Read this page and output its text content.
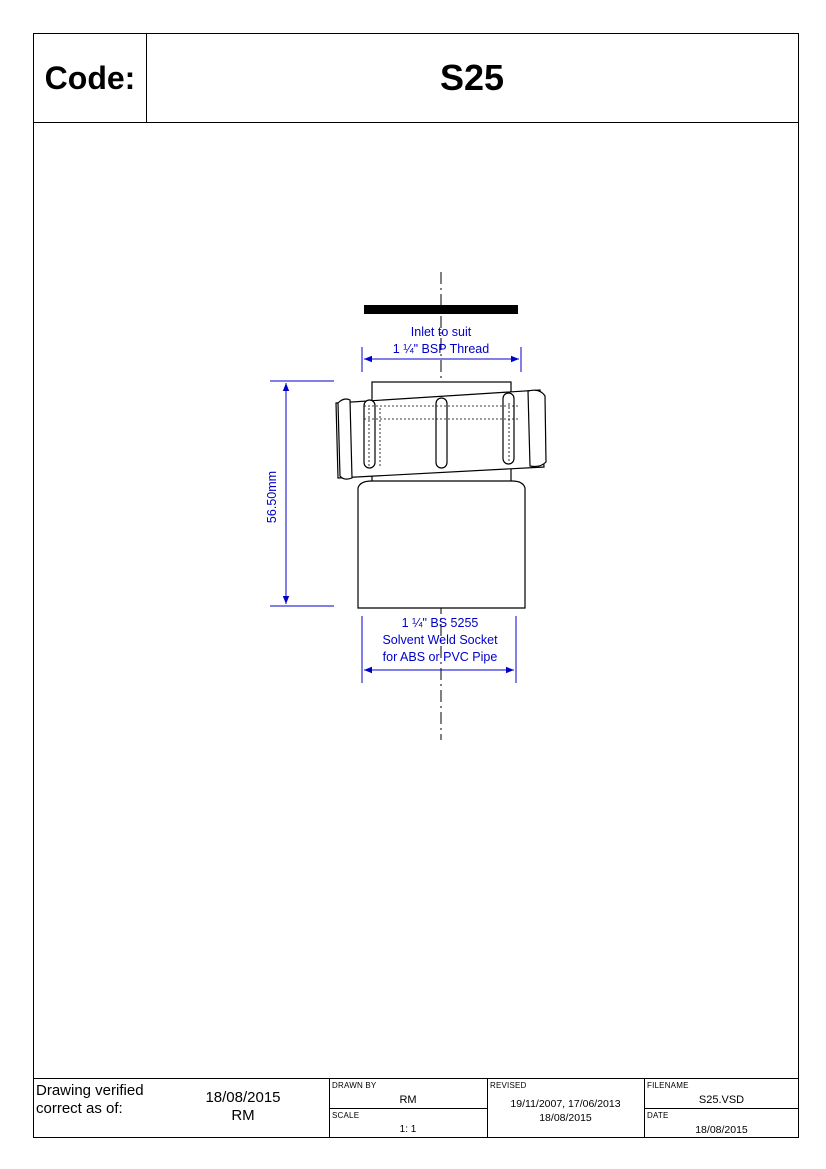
Code:	S25
Inlet to suit
1 ¼" BSP Thread
56.50mm
1 ¼" BS 5255
Solvent Weld Socket
for ABS or PVC Pipe
Drawing verified
correct as of:
18/08/2015
RM
DRAWN BY
RM
SCALE
1: 1
REVISED
19/11/2007, 17/06/2013
18/08/2015
FILENAME
S25.VSD
DATE
18/08/2015
